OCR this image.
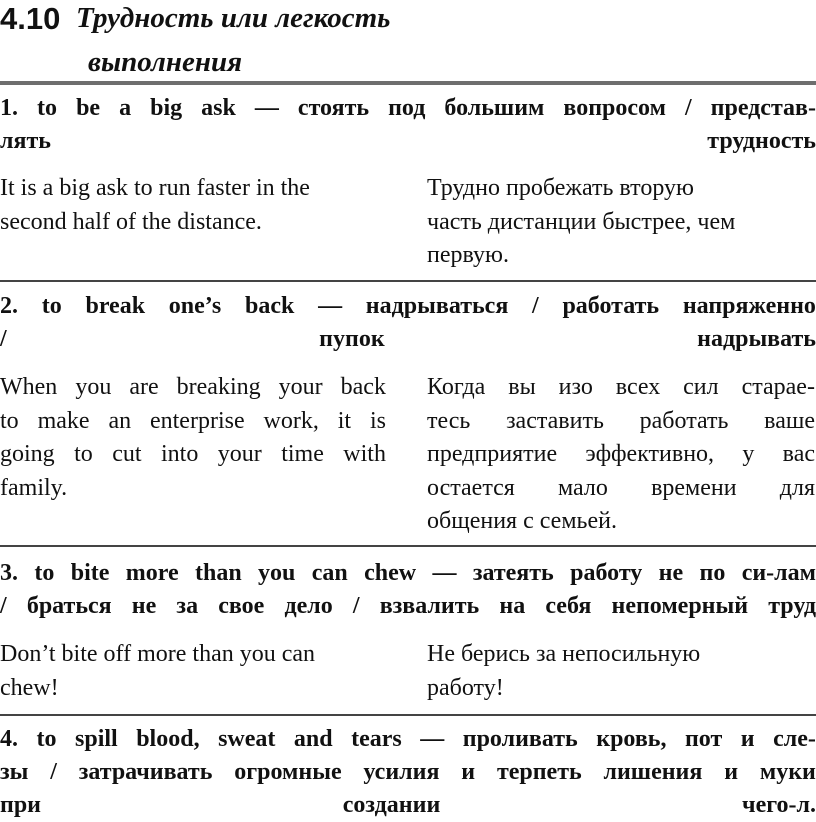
4.10 Трудность или легкость
выполнения
1. to be a big ask — стоять под большим вопросом / представ-
лять	трудность
It is a big ask to run faster in the
second half of the distance.
Трудно пробежать вторую
часть дистанции быстрее, чем
первую.
2. to break one’s back — надрываться / работать напряженно
/	пупок	надрывать
When you are breaking your back
to make an enterprise work, it is
going to cut into your time with
family.
Когда вы изо всех сил старае-
тесь заставить работать ваше
предприятие эффективно, у вас
остается мало времени для
общения с семьей.
3. to bite more than you can chew — затеять работу не по си-лам
/ браться не за свое дело / взвалить на себя непомерный труд
Don’t bite off more than you can
chew!
Не берись за непосильную
работу!
4. to spill blood, sweat and tears — проливать кровь, пот и сле-
зы / затрачивать огромные усилия и терпеть лишения и муки
при	создании	чего-л.
